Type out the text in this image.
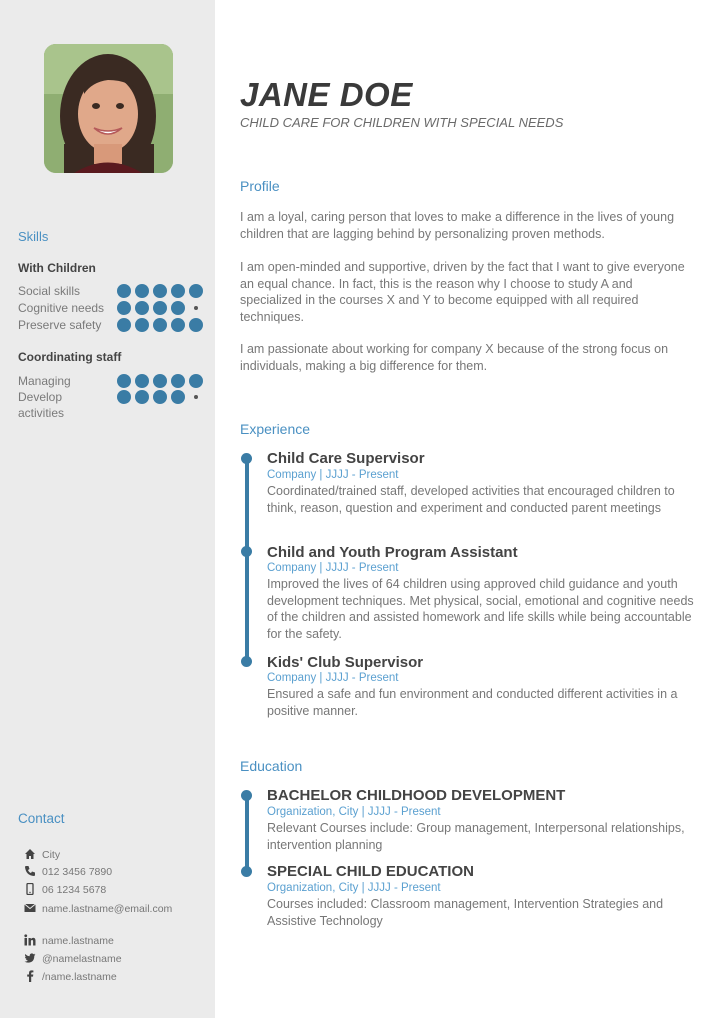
Skills
With Children
Social skills
Cognitive needs
Preserve safety
Coordinating staff
Managing
Develop
activities
Contact
City
012 3456 7890
06 1234 5678
name.lastname@email.com
name.lastname
@namelastname
/name.lastname
JANE DOE
CHILD CARE FOR CHILDREN WITH SPECIAL NEEDS
Profile
I am a loyal, caring person that loves to make a difference in the lives of young children that are lagging behind by personalizing proven methods.
I am open-minded and supportive, driven by the fact that I want to give everyone an equal chance. In fact, this is the reason why I choose to study A and specialized in the courses X and Y to become equipped with all required techniques.
I am passionate about working for company X because of the strong focus on individuals, making a big difference for them.
Experience
Child Care Supervisor
Company | JJJJ - Present
Coordinated/trained staff, developed activities that encouraged children to think, reason, question and experiment and conducted parent meetings
Child and Youth Program Assistant
Company | JJJJ - Present
Improved the lives of 64 children using approved child guidance and youth development techniques. Met physical, social, emotional and cognitive needs of the children and assisted homework and life skills while being accountable for the safety.
Kids' Club Supervisor
Company | JJJJ - Present
Ensured a safe and fun environment and conducted different activities in a positive manner.
Education
BACHELOR CHILDHOOD DEVELOPMENT
Organization, City | JJJJ - Present
Relevant Courses include: Group management, Interpersonal relationships, intervention planning
SPECIAL CHILD EDUCATION
Organization, City | JJJJ - Present
Courses included: Classroom management, Intervention Strategies and Assistive Technology
